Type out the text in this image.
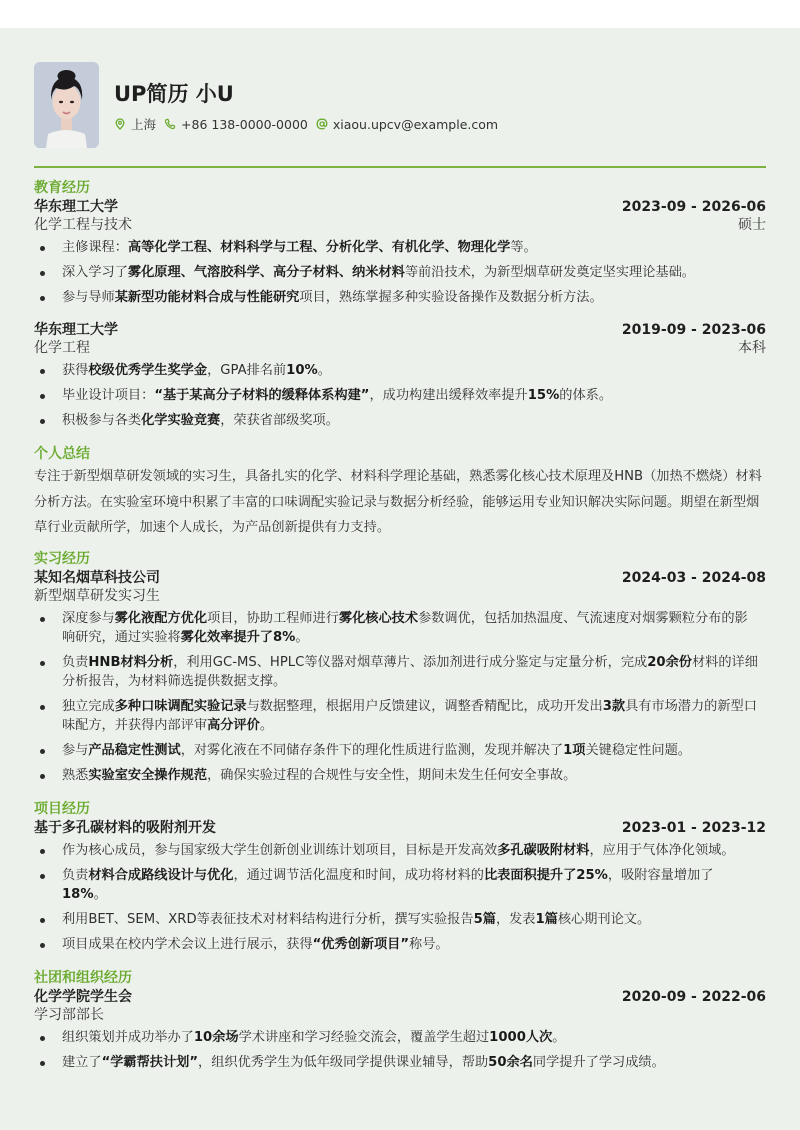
UP简历 小U
上海 +86 138-0000-0000 xiaou.upcv@example.com
教育经历
华东理工大学	2023-09 - 2026-06
化学工程与技术	硕士
主修课程：高等化学工程、材料科学与工程、分析化学、有机化学、物理化学等。
深入学习了雾化原理、气溶胶科学、高分子材料、纳米材料等前沿技术，为新型烟草研发奠定坚实理论基础。
参与导师某新型功能材料合成与性能研究项目，熟练掌握多种实验设备操作及数据分析方法。
华东理工大学	2019-09 - 2023-06
化学工程	本科
获得校级优秀学生奖学金，GPA排名前10%。
毕业设计项目：“基于某高分子材料的缓释体系构建”，成功构建出缓释效率提升15%的体系。
积极参与各类化学实验竞赛，荣获省部级奖项。
个人总结

专注于新型烟草研发领域的实习生，具备扎实的化学、材料科学理论基础，熟悉雾化核心技术原理及HNB（加热不燃烧）材料分析方法。在实验室环境中积累了丰富的口味调配实验记录与数据分析经验，能够运用专业知识解决实际问题。期望在新型烟草行业贡献所学，加速个人成长，为产品创新提供有力支持。

实习经历
某知名烟草科技公司	2024-03 - 2024-08
新型烟草研发实习生
深度参与雾化液配方优化项目，协助工程师进行雾化核心技术参数调优，包括加热温度、气流速度对烟雾颗粒分布的影响研究，通过实验将雾化效率提升了8%。
负责HNB材料分析，利用GC-MS、HPLC等仪器对烟草薄片、添加剂进行成分鉴定与定量分析，完成20余份材料的详细分析报告，为材料筛选提供数据支撑。
独立完成多种口味调配实验记录与数据整理，根据用户反馈建议，调整香精配比，成功开发出3款具有市场潜力的新型口味配方，并获得内部评审高分评价。
参与产品稳定性测试，对雾化液在不同储存条件下的理化性质进行监测，发现并解决了1项关键稳定性问题。
熟悉实验室安全操作规范，确保实验过程的合规性与安全性，期间未发生任何安全事故。
项目经历
基于多孔碳材料的吸附剂开发	2023-01 - 2023-12
作为核心成员，参与国家级大学生创新创业训练计划项目，目标是开发高效多孔碳吸附材料，应用于气体净化领域。
负责材料合成路线设计与优化，通过调节活化温度和时间，成功将材料的比表面积提升了25%，吸附容量增加了18%。
利用BET、SEM、XRD等表征技术对材料结构进行分析，撰写实验报告5篇，发表1篇核心期刊论文。
项目成果在校内学术会议上进行展示，获得“优秀创新项目”称号。
社团和组织经历
化学学院学生会	2020-09 - 2022-06
学习部部长
组织策划并成功举办了10余场学术讲座和学习经验交流会，覆盖学生超过1000人次。
建立了“学霸帮扶计划”，组织优秀学生为低年级同学提供课业辅导，帮助50余名同学提升了学习成绩。
